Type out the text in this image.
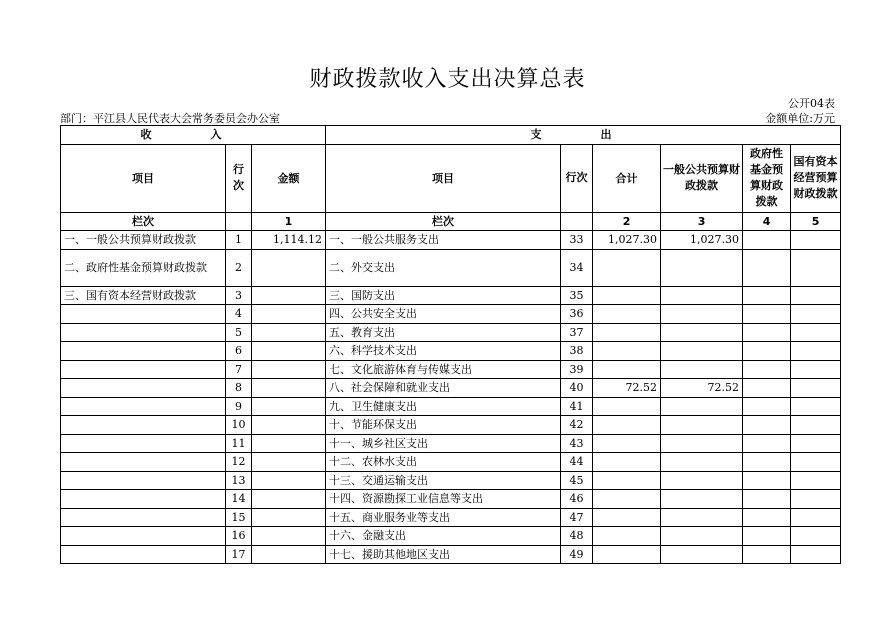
财政拨款收入支出决算总表
公开04表
部门：平江县人民代表大会常务委员会办公室	金额单位:万元
收　入			支　出					
项目	行次	金额	项目	行次	合计	一般公共预算财政拨款	政府性基金预算财政拨款	国有资本经营预算财政拨款
栏次		1	栏次		2	3	4	5
一、一般公共预算财政拨款	1	1,114.12	一、一般公共服务支出	33	1,027.30	1,027.30		
二、政府性基金预算财政拨款	2		二、外交支出	34				
三、国有资本经营财政拨款	3		三、国防支出	35				
	4		四、公共安全支出	36				
	5		五、教育支出	37				
	6		六、科学技术支出	38				
	7		七、文化旅游体育与传媒支出	39				
	8		八、社会保障和就业支出	40	72.52	72.52		
	9		九、卫生健康支出	41				
	10		十、节能环保支出	42				
	11		十一、城乡社区支出	43				
	12		十二、农林水支出	44				
	13		十三、交通运输支出	45				
	14		十四、资源勘探工业信息等支出	46				
	15		十五、商业服务业等支出	47				
	16		十六、金融支出	48				
	17		十七、援助其他地区支出	49				
